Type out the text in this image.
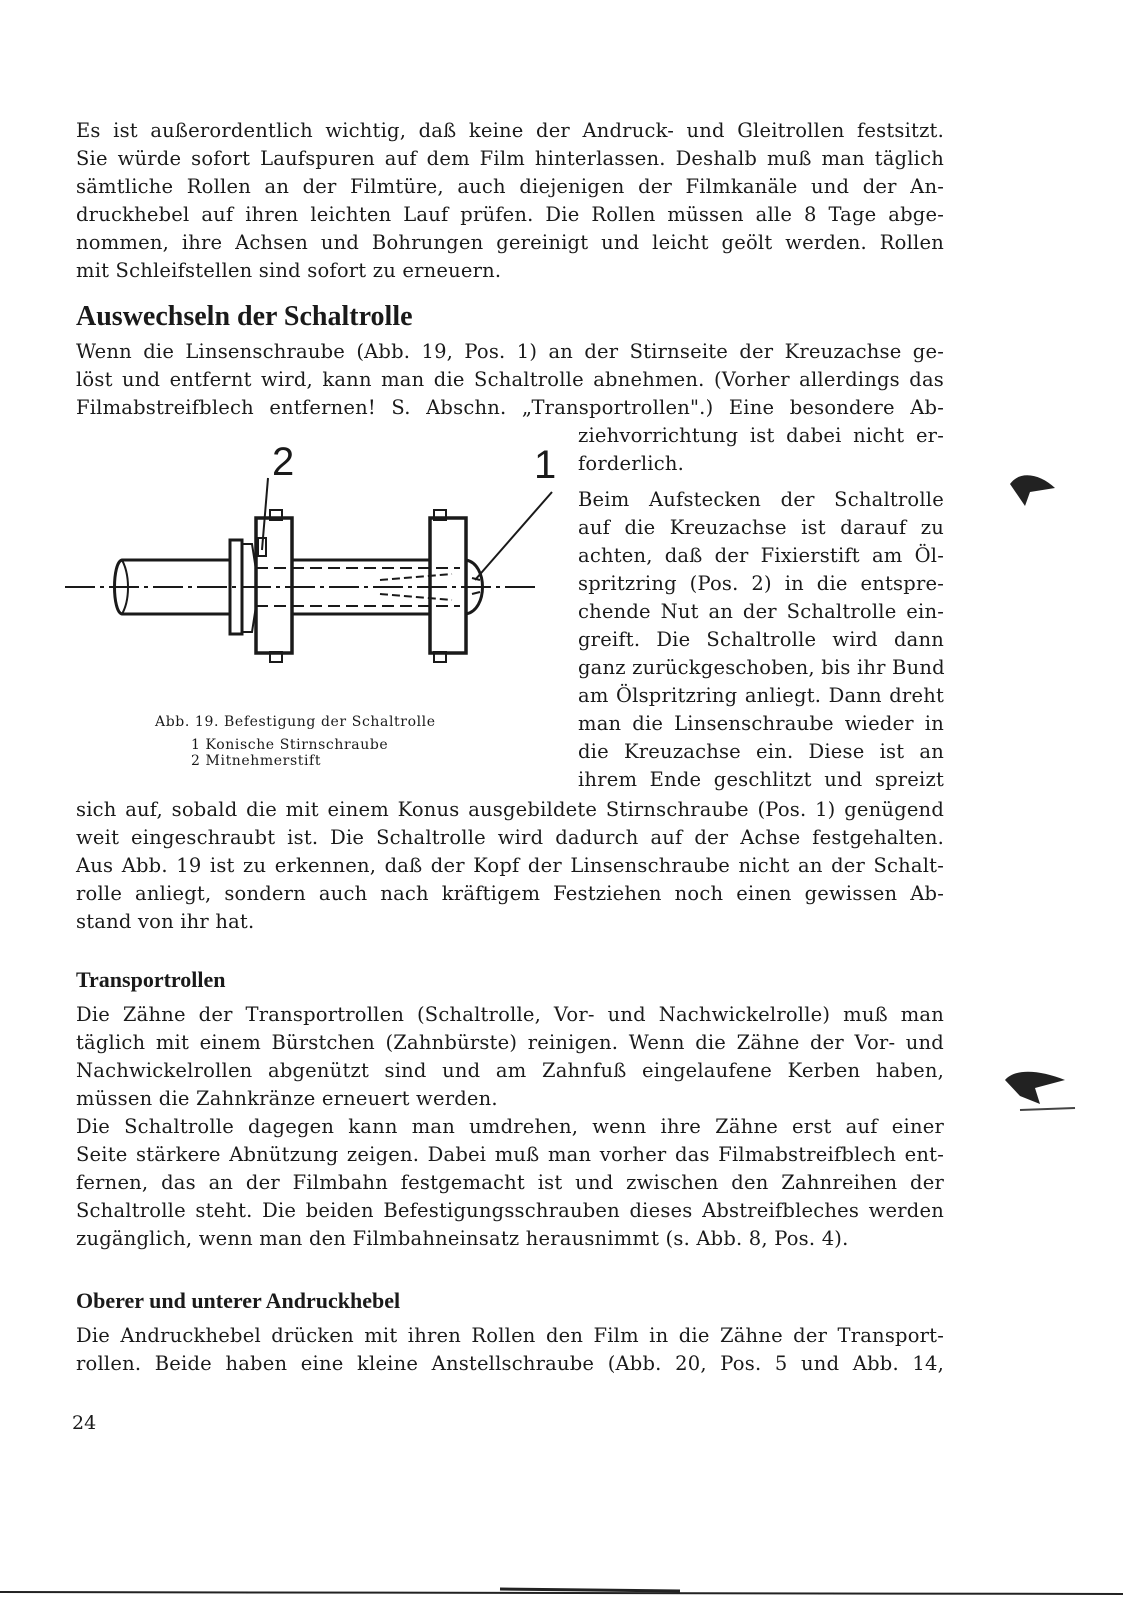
Es ist außerordentlich wichtig, daß keine der Andruck- und Gleitrollen festsitzt.
Sie würde sofort Laufspuren auf dem Film hinterlassen. Deshalb muß man täglich
sämtliche Rollen an der Filmtüre, auch diejenigen der Filmkanäle und der An-
druckhebel auf ihren leichten Lauf prüfen. Die Rollen müssen alle 8 Tage abge-
nommen, ihre Achsen und Bohrungen gereinigt und leicht geölt werden. Rollen
mit Schleifstellen sind sofort zu erneuern.
Auswechseln der Schaltrolle
Wenn die Linsenschraube (Abb. 19, Pos. 1) an der Stirnseite der Kreuzachse ge-
löst und entfernt wird, kann man die Schaltrolle abnehmen. (Vorher allerdings das
Filmabstreifblech entfernen! S. Abschn. „Transportrollen".) Eine besondere Ab-
ziehvorrichtung ist dabei nicht er-
forderlich.
Beim Aufstecken der Schaltrolle
auf die Kreuzachse ist darauf zu
achten, daß der Fixierstift am Öl-
spritzring (Pos. 2) in die entspre-
chende Nut an der Schaltrolle ein-
greift. Die Schaltrolle wird dann
ganz zurückgeschoben, bis ihr Bund
am Ölspritzring anliegt. Dann dreht
man die Linsenschraube wieder in
die Kreuzachse ein. Diese ist an
ihrem Ende geschlitzt und spreizt
sich auf, sobald die mit einem Konus ausgebildete Stirnschraube (Pos. 1) genügend
weit eingeschraubt ist. Die Schaltrolle wird dadurch auf der Achse festgehalten.
Aus Abb. 19 ist zu erkennen, daß der Kopf der Linsenschraube nicht an der Schalt-
rolle anliegt, sondern auch nach kräftigem Festziehen noch einen gewissen Ab-
stand von ihr hat.
2	1
Abb. 19. Befestigung der Schaltrolle
1 Konische Stirnschraube
2 Mitnehmerstift
Transportrollen
Die Zähne der Transportrollen (Schaltrolle, Vor- und Nachwickelrolle) muß man
täglich mit einem Bürstchen (Zahnbürste) reinigen. Wenn die Zähne der Vor- und
Nachwickelrollen abgenützt sind und am Zahnfuß eingelaufene Kerben haben,
müssen die Zahnkränze erneuert werden.
Die Schaltrolle dagegen kann man umdrehen, wenn ihre Zähne erst auf einer
Seite stärkere Abnützung zeigen. Dabei muß man vorher das Filmabstreifblech ent-
fernen, das an der Filmbahn festgemacht ist und zwischen den Zahnreihen der
Schaltrolle steht. Die beiden Befestigungsschrauben dieses Abstreifbleches werden
zugänglich, wenn man den Filmbahneinsatz herausnimmt (s. Abb. 8, Pos. 4).
Oberer und unterer Andruckhebel
Die Andruckhebel drücken mit ihren Rollen den Film in die Zähne der Transport-
rollen. Beide haben eine kleine Anstellschraube (Abb. 20, Pos. 5 und Abb. 14,
24
